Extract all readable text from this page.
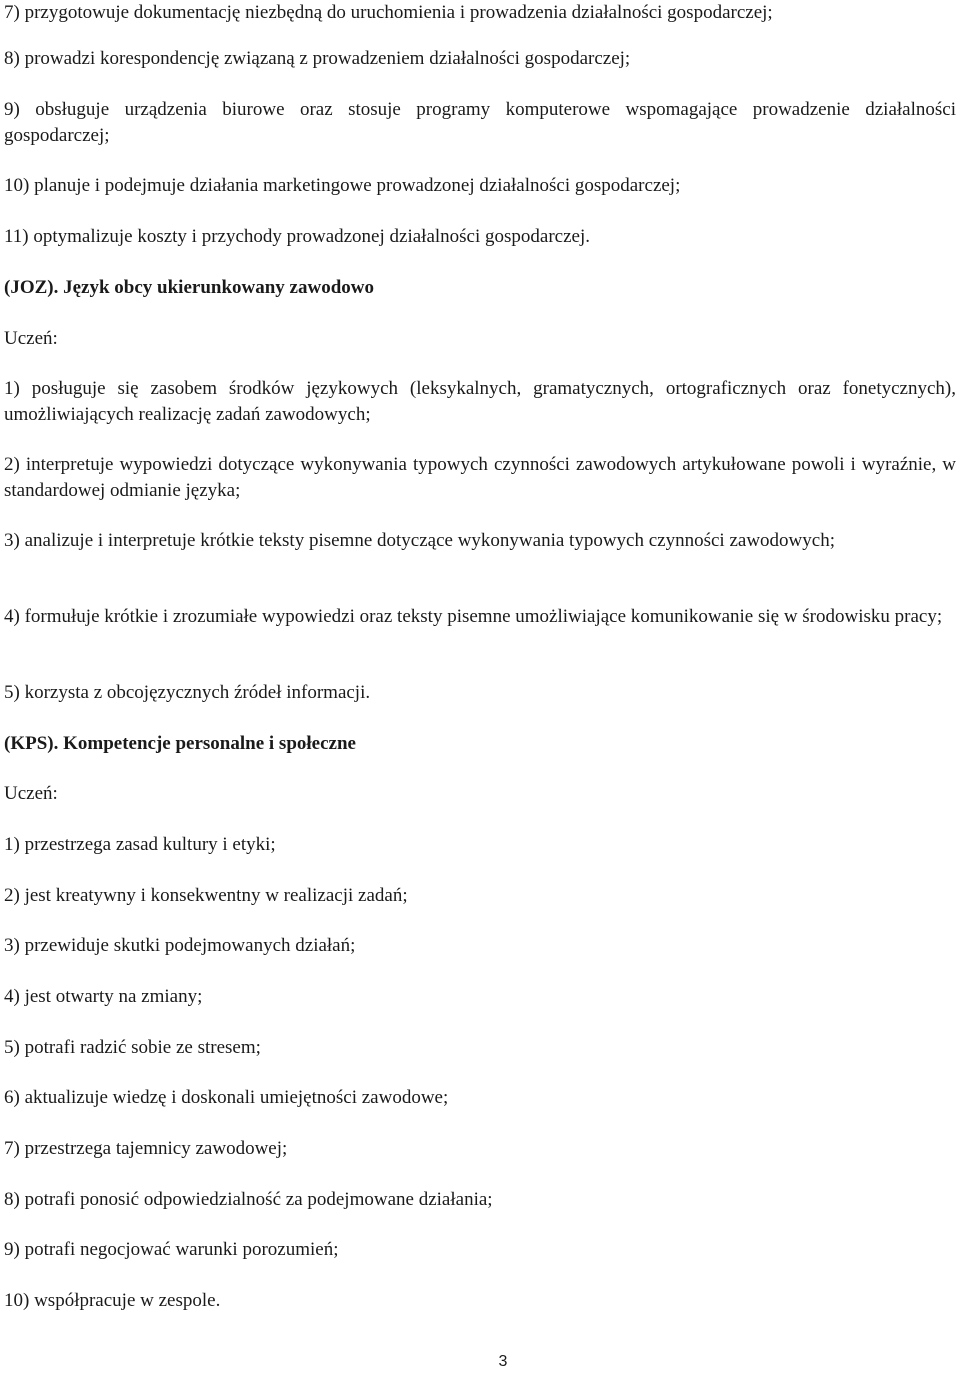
7) przygotowuje dokumentację niezbędną do uruchomienia i prowadzenia działalności gospodarczej;

8) prowadzi korespondencję związaną z prowadzeniem działalności gospodarczej;

9) obsługuje urządzenia biurowe oraz stosuje programy komputerowe wspomagające prowadzenie działalności gospodarczej;

10) planuje i podejmuje działania marketingowe prowadzonej działalności gospodarczej;

11) optymalizuje koszty i przychody prowadzonej działalności gospodarczej.

(JOZ). Język obcy ukierunkowany zawodowo

Uczeń:

1) posługuje się zasobem środków językowych (leksykalnych, gramatycznych, ortograficznych oraz fonetycznych), umożliwiających realizację zadań zawodowych;

2) interpretuje wypowiedzi dotyczące wykonywania typowych czynności zawodowych artykułowane powoli i wyraźnie, w standardowej odmianie języka;

3) analizuje i interpretuje krótkie teksty pisemne dotyczące wykonywania typowych czynności zawodowych;

4) formułuje krótkie i zrozumiałe wypowiedzi oraz teksty pisemne umożliwiające komunikowanie się w środowisku pracy;

5) korzysta z obcojęzycznych źródeł informacji.

(KPS). Kompetencje personalne i społeczne

Uczeń:

1) przestrzega zasad kultury i etyki;

2) jest kreatywny i konsekwentny w realizacji zadań;

3) przewiduje skutki podejmowanych działań;

4) jest otwarty na zmiany;

5) potrafi radzić sobie ze stresem;

6) aktualizuje wiedzę i doskonali umiejętności zawodowe;

7) przestrzega tajemnicy zawodowej;

8) potrafi ponosić odpowiedzialność za podejmowane działania;

9) potrafi negocjować warunki porozumień;

10) współpracuje w zespole.

3
